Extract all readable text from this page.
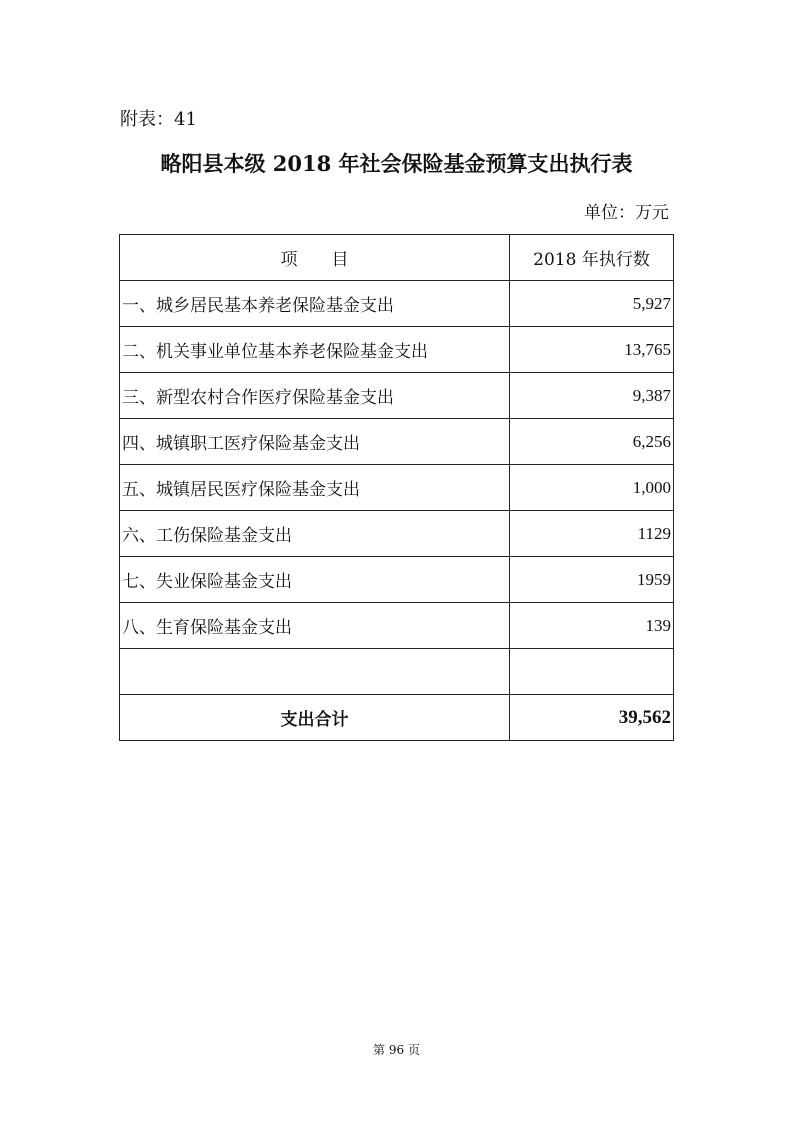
附表：41
略阳县本级 2018 年社会保险基金预算支出执行表
单位：万元
项　　目	2018 年执行数
一、城乡居民基本养老保险基金支出	5,927
二、机关事业单位基本养老保险基金支出	13,765
三、新型农村合作医疗保险基金支出	9,387
四、城镇职工医疗保险基金支出	6,256
五、城镇居民医疗保险基金支出	1,000
六、工伤保险基金支出	1129
七、失业保险基金支出	1959
八、生育保险基金支出	139

支出合计	39,562
第 96 页
